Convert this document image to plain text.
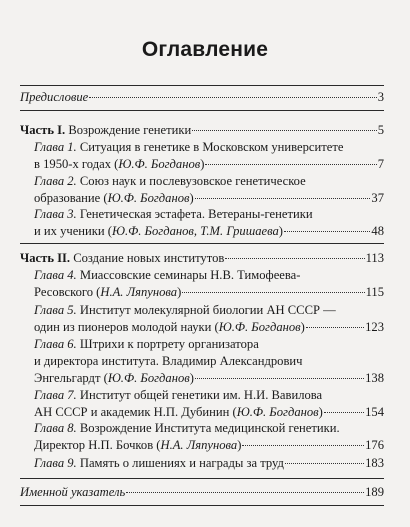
Оглавление
Предисловие	3
Часть I. Возрождение генетики	5
Глава 1. Ситуация в генетике в Московском университете
в 1950-х годах (Ю.Ф. Богданов)	7
Глава 2. Союз наук и послевузовское генетическое
образование (Ю.Ф. Богданов)	37
Глава 3. Генетическая эстафета. Ветераны-генетики
и их ученики (Ю.Ф. Богданов, Т.М. Гришаева)	48
Часть II. Создание новых институтов	113
Глава 4. Миассовские семинары Н.В. Тимофеева-
Ресовского (Н.А. Ляпунова)	115
Глава 5. Институт молекулярной биологии АН СССР —
один из пионеров молодой науки (Ю.Ф. Богданов)	123
Глава 6. Штрихи к портрету организатора
и директора института. Владимир Александрович
Энгельгардт (Ю.Ф. Богданов)	138
Глава 7. Институт общей генетики им. Н.И. Вавилова
АН СССР и академик Н.П. Дубинин (Ю.Ф. Богданов)	154
Глава 8. Возрождение Института медицинской генетики.
Директор Н.П. Бочков (Н.А. Ляпунова)	176
Глава 9. Память о лишениях и награды за труд	183
Именной указатель	189
